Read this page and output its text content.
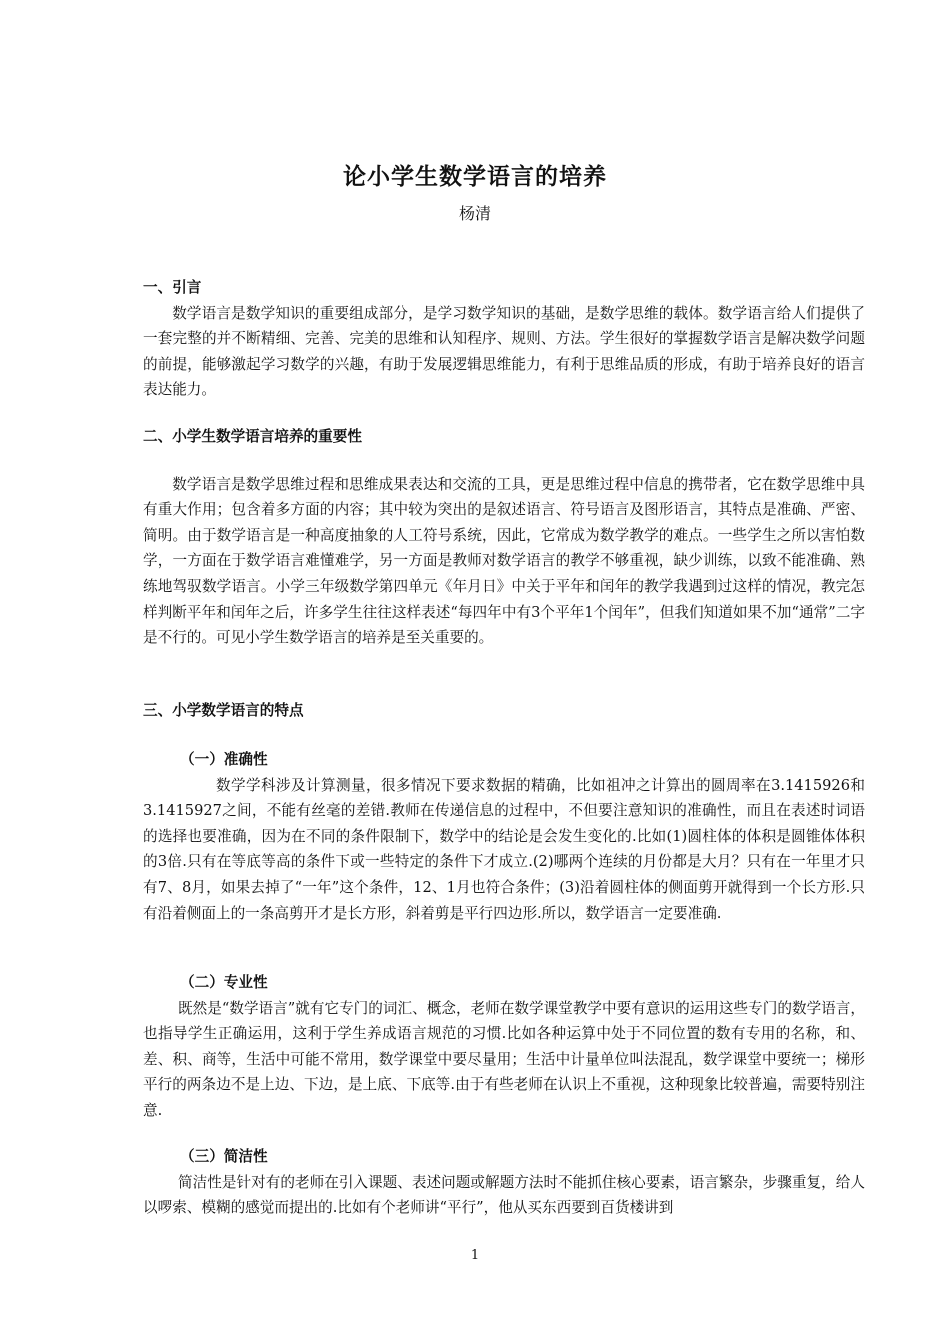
论小学生数学语言的培养
杨清
一、引言

数学语言是数学知识的重要组成部分，是学习数学知识的基础，是数学思维的载体。数学语言给人们提供了一套完整的并不断精细、完善、完美的思维和认知程序、规则、方法。学生很好的掌握数学语言是解决数学问题的前提，能够激起学习数学的兴趣，有助于发展逻辑思维能力，有利于思维品质的形成，有助于培养良好的语言表达能力。

二、小学生数学语言培养的重要性

数学语言是数学思维过程和思维成果表达和交流的工具，更是思维过程中信息的携带者，它在数学思维中具有重大作用；包含着多方面的内容；其中较为突出的是叙述语言、符号语言及图形语言，其特点是准确、严密、简明。由于数学语言是一种高度抽象的人工符号系统，因此，它常成为数学教学的难点。一些学生之所以害怕数学，一方面在于数学语言难懂难学，另一方面是教师对数学语言的教学不够重视，缺少训练，以致不能准确、熟练地驾驭数学语言。小学三年级数学第四单元《年月日》中关于平年和闰年的教学我遇到过这样的情况，教完怎样判断平年和闰年之后，许多学生往往这样表述“每四年中有3个平年1个闰年”，但我们知道如果不加“通常”二字是不行的。可见小学生数学语言的培养是至关重要的。

三、小学数学语言的特点
（一）准确性

数学学科涉及计算测量，很多情况下要求数据的精确，比如祖冲之计算出的圆周率在3.1415926和3.1415927之间，不能有丝毫的差错.教师在传递信息的过程中，不但要注意知识的准确性，而且在表述时词语的选择也要准确，因为在不同的条件限制下，数学中的结论是会发生变化的.比如(1)圆柱体的体积是圆锥体体积的3倍.只有在等底等高的条件下或一些特定的条件下才成立.(2)哪两个连续的月份都是大月？只有在一年里才只有7、8月，如果去掉了“一年”这个条件，12、1月也符合条件；(3)沿着圆柱体的侧面剪开就得到一个长方形.只有沿着侧面上的一条高剪开才是长方形，斜着剪是平行四边形.所以，数学语言一定要准确.

（二）专业性

既然是“数学语言”就有它专门的词汇、概念，老师在数学课堂教学中要有意识的运用这些专门的数学语言，也指导学生正确运用，这利于学生养成语言规范的习惯.比如各种运算中处于不同位置的数有专用的名称，和、差、积、商等，生活中可能不常用，数学课堂中要尽量用；生活中计量单位叫法混乱，数学课堂中要统一；梯形平行的两条边不是上边、下边，是上底、下底等.由于有些老师在认识上不重视，这种现象比较普遍，需要特别注意.

（三）简洁性

简洁性是针对有的老师在引入课题、表述问题或解题方法时不能抓住核心要素，语言繁杂，步骤重复，给人以啰索、模糊的感觉而提出的.比如有个老师讲“平行”，他从买东西要到百货楼讲到

1
